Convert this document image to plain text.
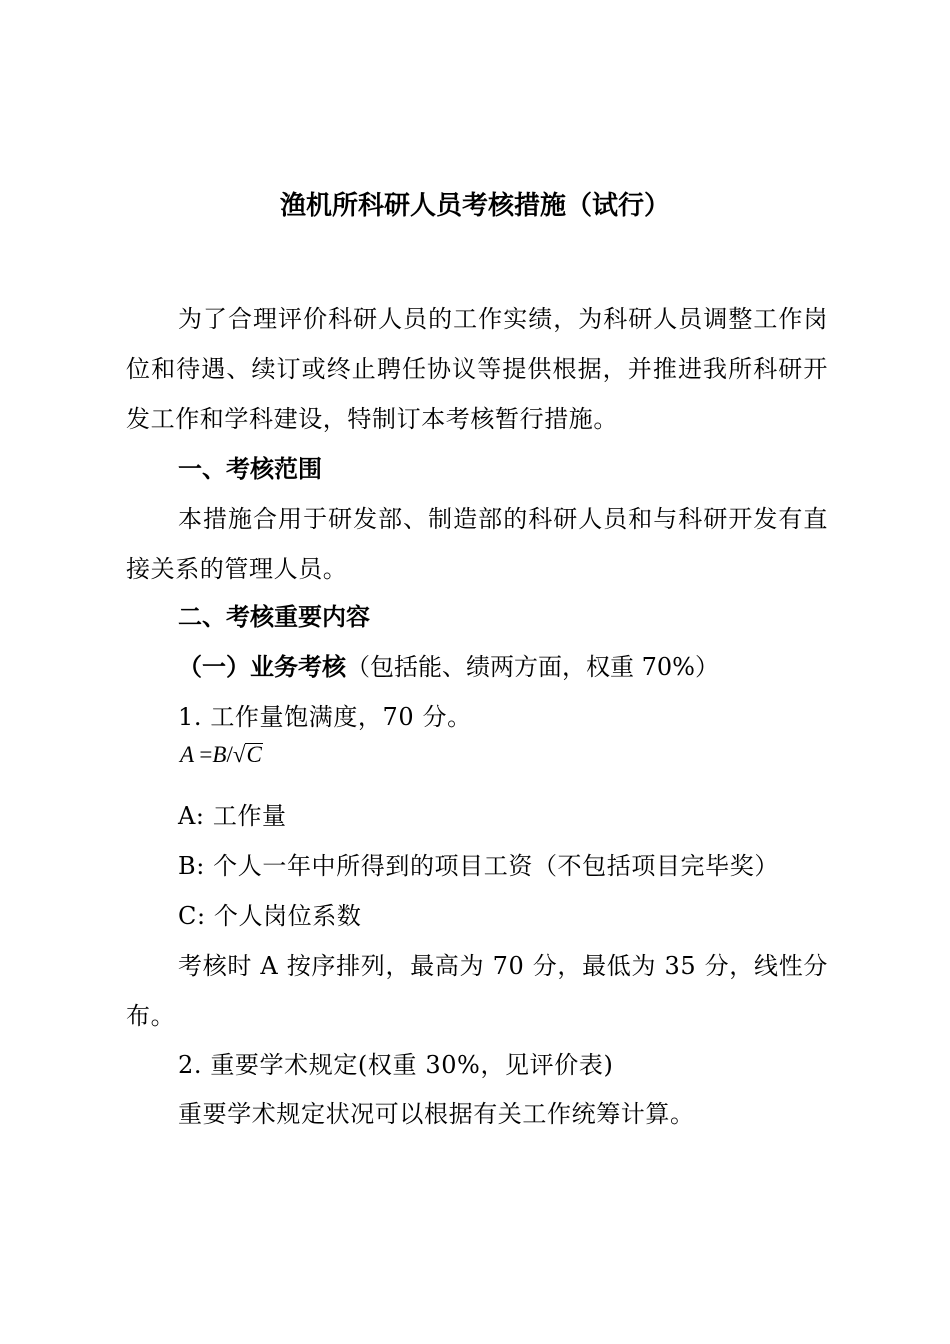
渔机所科研人员考核措施（试行）

为了合理评价科研人员的工作实绩，为科研人员调整工作岗位和待遇、续订或终止聘任协议等提供根据，并推进我所科研开发工作和学科建设，特制订本考核暂行措施。

一、考核范围

本措施合用于研发部、制造部的科研人员和与科研开发有直接关系的管理人员。

二、考核重要内容

（一）业务考核（包括能、绩两方面，权重 70%）

1. 工作量饱满度，70 分。

A =B/√C

A: 工作量

B: 个人一年中所得到的项目工资（不包括项目完毕奖）

C: 个人岗位系数

考核时 A 按序排列，最高为 70 分，最低为 35 分，线性分布。

2. 重要学术规定(权重 30%，见评价表)

重要学术规定状况可以根据有关工作统筹计算。
